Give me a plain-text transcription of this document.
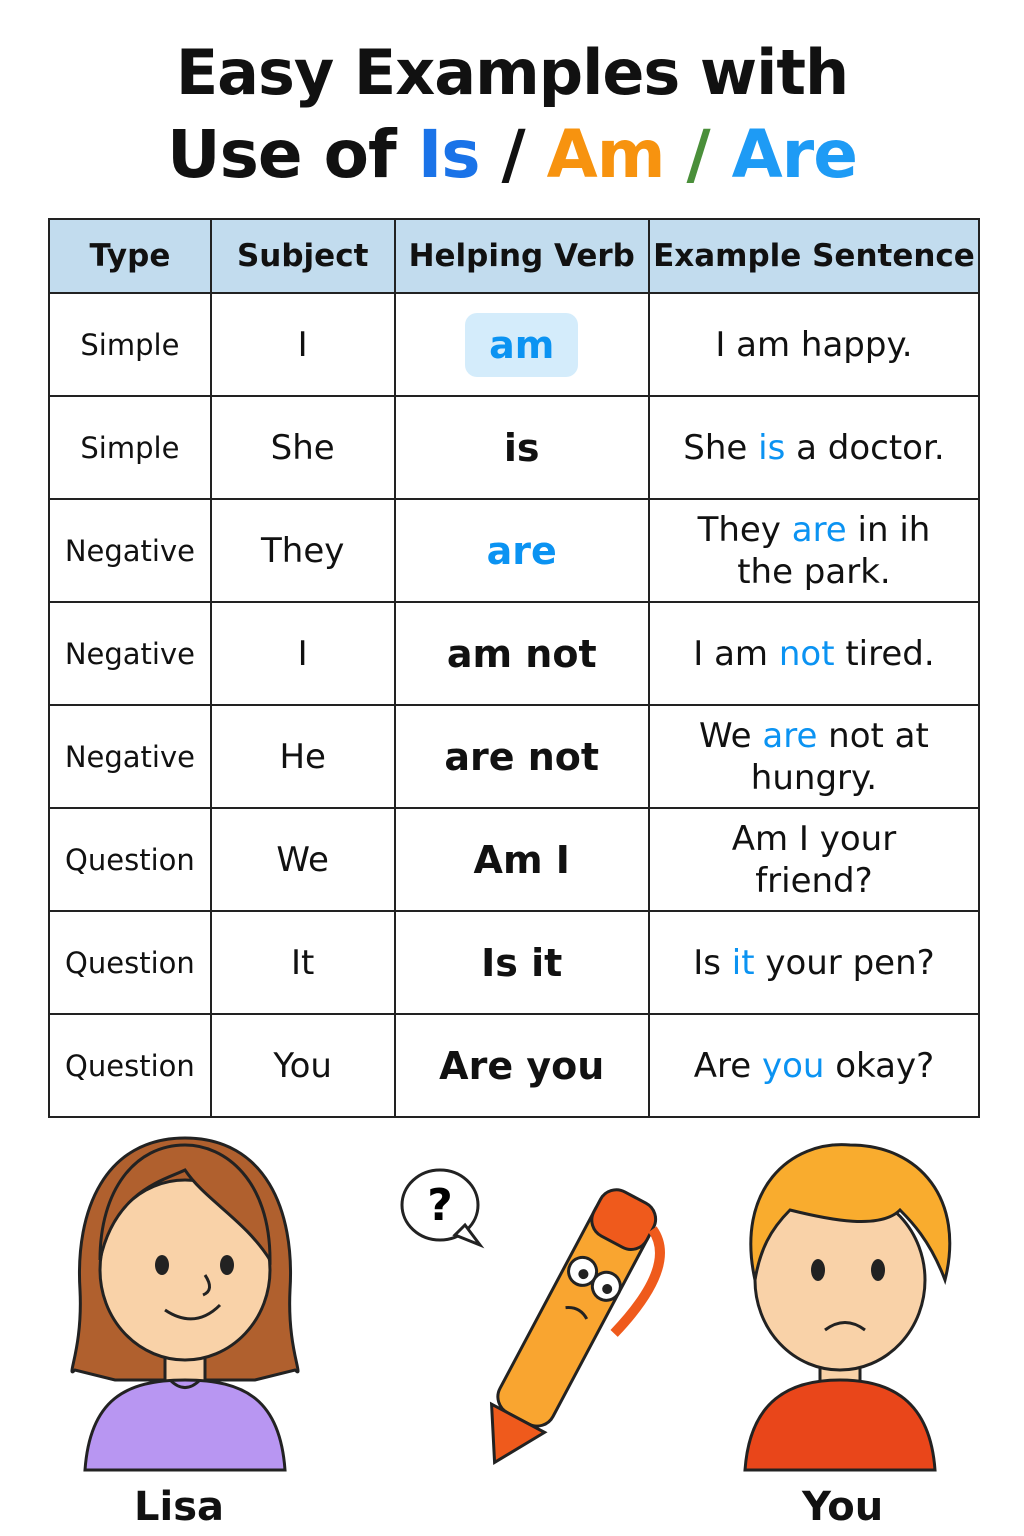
Easy Examples with
Use of Is / Am / Are
Type	Subject	Helping Verb	Example Sentence
Simple	I	am	I am happy.
Simple	She	is	She is a doctor.
Negative	They	are	They are in ih the park.
Negative	I	am not	I am not tired.
Negative	He	are not	We are not at hungry.
Question	We	Am I	Am I your friend?
Question	It	Is it	Is it your pen?
Question	You	Are you	Are you okay?
Lisa
?
You
